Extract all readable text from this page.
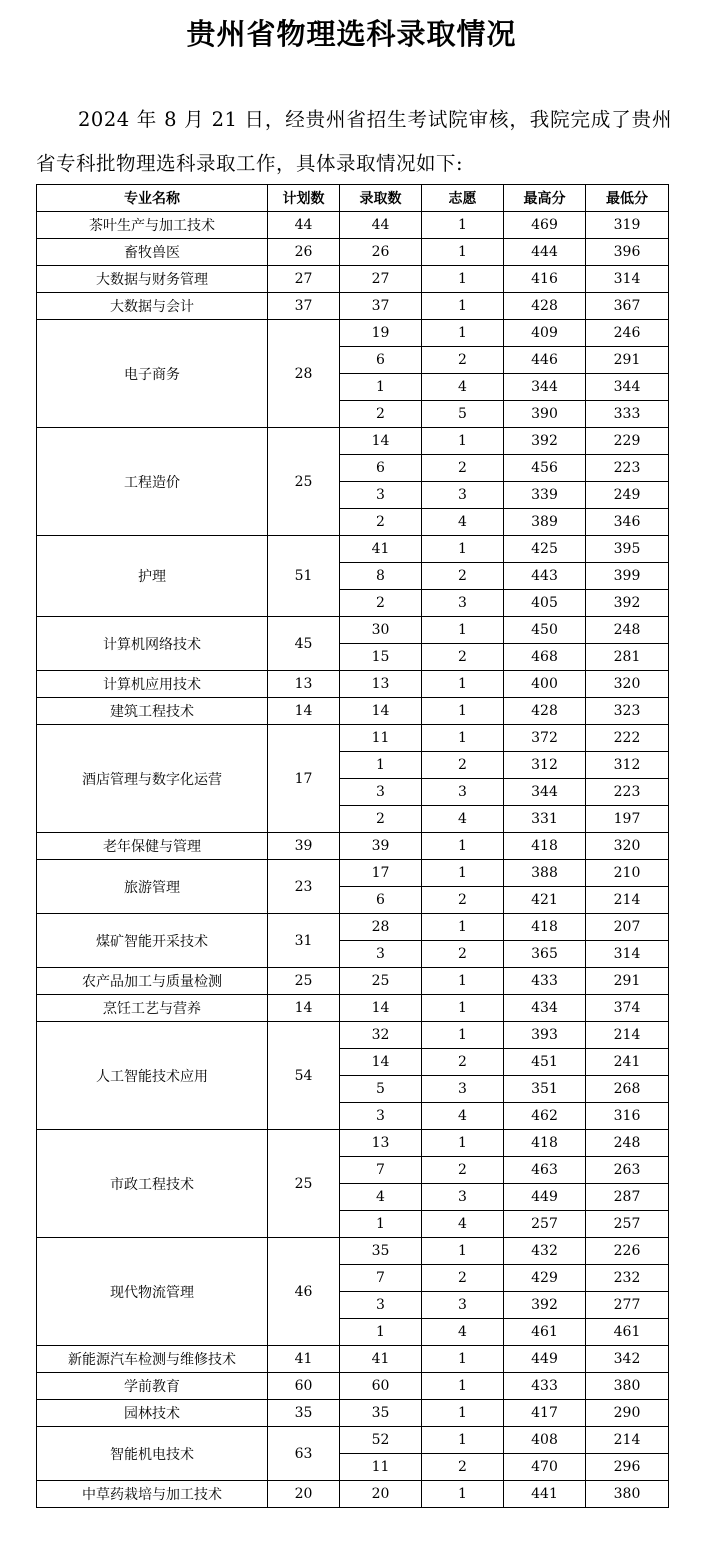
贵州省物理选科录取情况
2024 年 8 月 21 日，经贵州省招生考试院审核，我院完成了贵州省专科批物理选科录取工作，具体录取情况如下:
专业名称	计划数	录取数	志愿	最高分	最低分
茶叶生产与加工技术	44	44	1	469	319
畜牧兽医	26	26	1	444	396
大数据与财务管理	27	27	1	416	314
大数据与会计	37	37	1	428	367
电子商务	28	19	1	409	246
		6	2	446	291
		1	4	344	344
		2	5	390	333
工程造价	25	14	1	392	229
		6	2	456	223
		3	3	339	249
		2	4	389	346
护理	51	41	1	425	395
		8	2	443	399
		2	3	405	392
计算机网络技术	45	30	1	450	248
		15	2	468	281
计算机应用技术	13	13	1	400	320
建筑工程技术	14	14	1	428	323
酒店管理与数字化运营	17	11	1	372	222
		1	2	312	312
		3	3	344	223
		2	4	331	197
老年保健与管理	39	39	1	418	320
旅游管理	23	17	1	388	210
		6	2	421	214
煤矿智能开采技术	31	28	1	418	207
		3	2	365	314
农产品加工与质量检测	25	25	1	433	291
烹饪工艺与营养	14	14	1	434	374
人工智能技术应用	54	32	1	393	214
		14	2	451	241
		5	3	351	268
		3	4	462	316
市政工程技术	25	13	1	418	248
		7	2	463	263
		4	3	449	287
		1	4	257	257
现代物流管理	46	35	1	432	226
		7	2	429	232
		3	3	392	277
		1	4	461	461
新能源汽车检测与维修技术	41	41	1	449	342
学前教育	60	60	1	433	380
园林技术	35	35	1	417	290
智能机电技术	63	52	1	408	214
		11	2	470	296
中草药栽培与加工技术	20	20	1	441	380
